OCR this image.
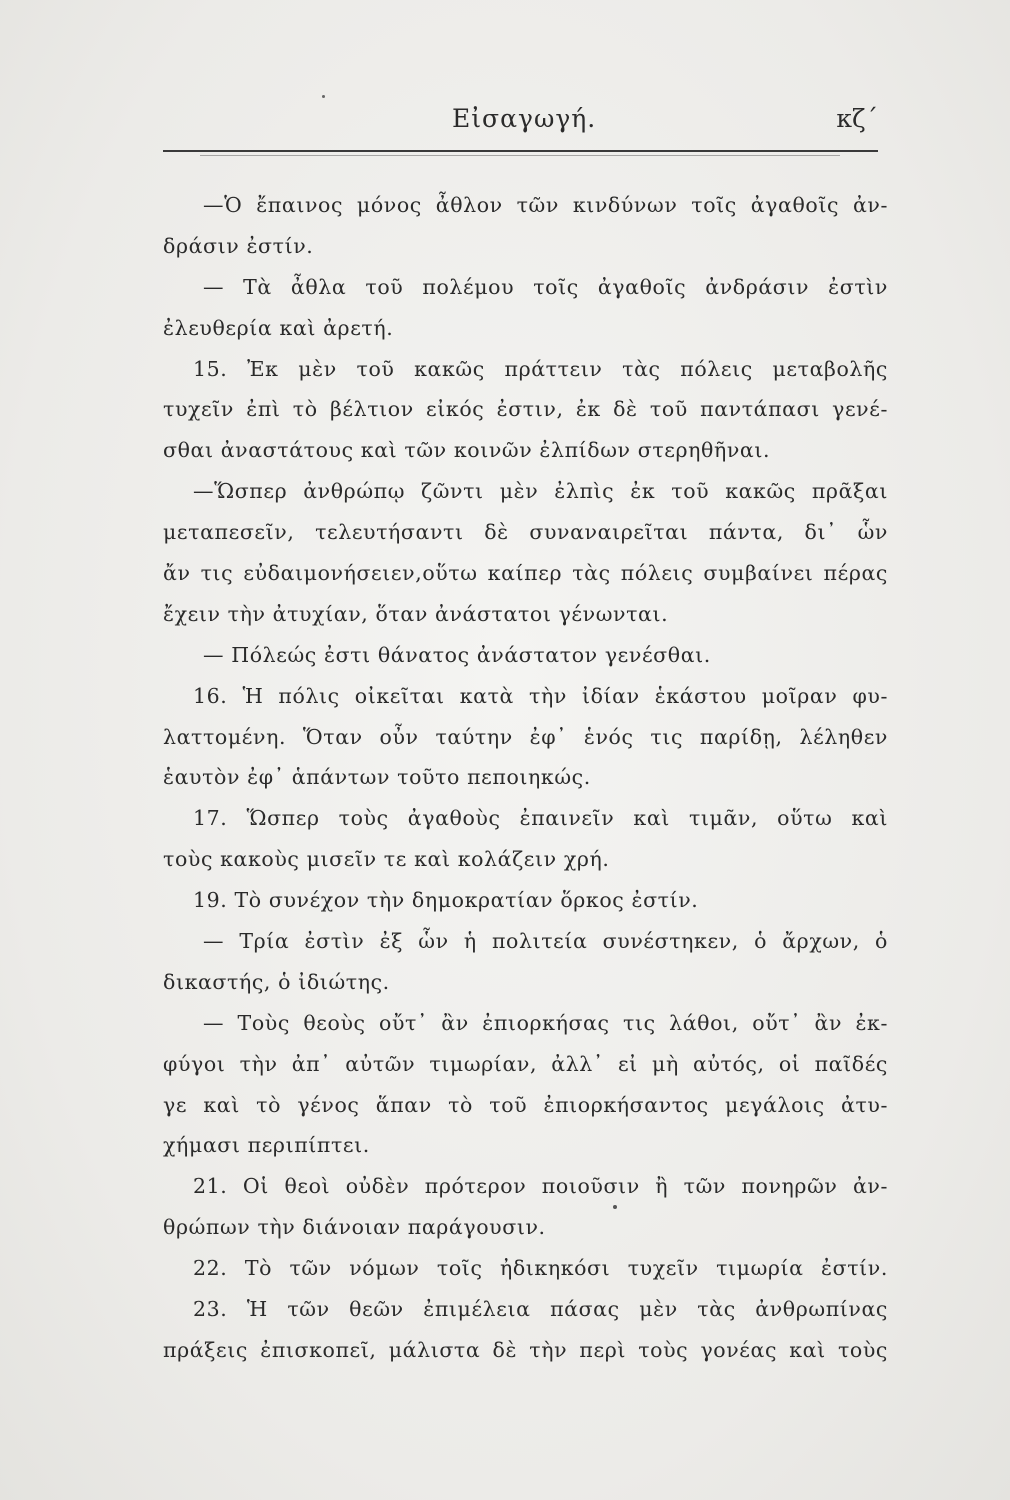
Εἰσαγωγή.	κζ΄
—Ὁ ἔπαινος μόνος ἆθλον τῶν κινδύνων τοῖς ἀγαθοῖς ἀν-
δράσιν ἐστίν.
— Τὰ ἆθλα τοῦ πολέμου τοῖς ἀγαθοῖς ἀνδράσιν ἐστὶν
ἐλευθερία καὶ ἀρετή.
15. Ἐκ μὲν τοῦ κακῶς πράττειν τὰς πόλεις μεταβολῆς
τυχεῖν ἐπὶ τὸ βέλτιον εἰκός ἐστιν, ἐκ δὲ τοῦ παντάπασι γενέ-
σθαι ἀναστάτους καὶ τῶν κοινῶν ἐλπίδων στερηθῆναι.
—Ὥσπερ ἀνθρώπῳ ζῶντι μὲν ἐλπὶς ἐκ τοῦ κακῶς πρᾶξαι
μεταπεσεῖν, τελευτήσαντι δὲ συναναιρεῖται πάντα, δι᾽ ὧν
ἄν τις εὐδαιμονήσειεν,οὕτω καίπερ τὰς πόλεις συμβαίνει πέρας
ἔχειν τὴν ἀτυχίαν, ὅταν ἀνάστατοι γένωνται.
— Πόλεώς ἐστι θάνατος ἀνάστατον γενέσθαι.
16. Ἡ πόλις οἰκεῖται κατὰ τὴν ἰδίαν ἑκάστου μοῖραν φυ-
λαττομένη. Ὅταν οὖν ταύτην ἐφ᾽ ἑνός τις παρίδῃ, λέληθεν
ἑαυτὸν ἐφ᾽ ἁπάντων τοῦτο πεποιηκώς.
17. Ὥσπερ τοὺς ἀγαθοὺς ἐπαινεῖν καὶ τιμᾶν, οὕτω καὶ
τοὺς κακοὺς μισεῖν τε καὶ κολάζειν χρή.
19. Τὸ συνέχον τὴν δημοκρατίαν ὅρκος ἐστίν.
— Τρία ἐστὶν ἐξ ὧν ἡ πολιτεία συνέστηκεν, ὁ ἄρχων, ὁ
δικαστής, ὁ ἰδιώτης.
— Τοὺς θεοὺς οὔτ᾽ ἂν ἐπιορκήσας τις λάθοι, οὔτ᾽ ἂν ἐκ-
φύγοι τὴν ἀπ᾽ αὐτῶν τιμωρίαν, ἀλλ᾽ εἰ μὴ αὐτός, οἱ παῖδές
γε καὶ τὸ γένος ἅπαν τὸ τοῦ ἐπιορκήσαντος μεγάλοις ἀτυ-
χήμασι περιπίπτει.
21. Οἱ θεοὶ οὐδὲν πρότερον ποιοῦσιν ἢ τῶν πονηρῶν ἀν-
θρώπων τὴν διάνοιαν παράγουσιν.
22. Τὸ τῶν νόμων τοῖς ἠδικηκόσι τυχεῖν τιμωρία ἐστίν.
23. Ἡ τῶν θεῶν ἐπιμέλεια πάσας μὲν τὰς ἀνθρωπίνας
πράξεις ἐπισκοπεῖ, μάλιστα δὲ τὴν περὶ τοὺς γονέας καὶ τοὺς
